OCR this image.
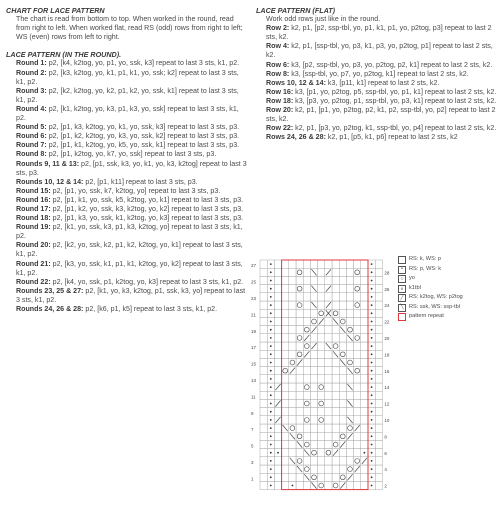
CHART FOR LACE PATTERN

The chart is read from bottom to top. When worked in the round, read from right to left. When worked flat, read RS (odd) rows from right to left; WS (even) rows from left to right.

LACE PATTERN (IN THE ROUND).

Round 1: p2, [k4, k2tog, yo, p1, yo, ssk, k3] repeat to last 3 sts, k1, p2.

Round 2: p2, [k3, k2tog, yo, k1, p1, k1, yo, ssk; k2] repeat to last 3 sts, k1, p2.

Round 3: p2, [k2, k2tog, yo, k2, p1, k2, yo, ssk, k1] repeat to last 3 sts, k1, p2.

Round 4: p2, [k1, k2tog, yo, k3, p1, k3, yo, ssk] repeat to last 3 sts, k1, p2.

Round 5: p2, [p1, k3, k2tog, yo, k1, yo, ssk, k3] repeat to last 3 sts, p3.

Round 6: p2, [p1, k2, k2tog, yo, k3, yo, ssk, k2] repeat to last 3 sts, p3.

Round 7: p2, [p1, k1, k2tog, yo, k5, yo, ssk, k1] repeat to last 3 sts, p3.

Round 8: p2, [p1, k2tog, yo, k7, yo, ssk] repeat to last 3 sts, p3.

Rounds 9, 11 & 13: p2, [p1, ssk, k3, yo, k1, yo, k3, k2tog] repeat to last 3 sts, p3.

Rounds 10, 12 & 14: p2, [p1, k11] repeat to last 3 sts, p3.

Round 15: p2, [p1, yo, ssk, k7, k2tog, yo] repeat to last 3 sts, p3.

Round 16: p2, [p1, k1, yo, ssk, k5, k2tog, yo, k1] repeat to last 3 sts, p3.

Round 17: p2, [p1, k2, yo, ssk, k3, k2tog, yo, k2] repeat to last 3 sts, p3.

Round 18: p2, [p1, k3, yo, ssk, k1, k2tog, yo, k3] repeat to last 3 sts, p3.

Round 19: p2, [k1, yo, ssk, k3, p1, k3, k2tog, yo] repeat to last 3 sts, k1, p2.

Round 20: p2, [k2, yo, ssk, k2, p1, k2, k2tog, yo, k1] repeat to last 3 sts, k1, p2.

Round 21: p2, [k3, yo, ssk, k1, p1, k1, k2tog, yo, k2] repeat to last 3 sts, k1, p2.

Round 22: p2, [k4, yo, ssk, p1, k2tog, yo, k3] repeat to last 3 sts, k1, p2.

Rounds 23, 25 & 27: p2, [k1, yo, k3, k2tog, p1, ssk, k3, yo] repeat to last 3 sts, k1, p2.

Rounds 24, 26 & 28: p2, [k6, p1, k5] repeat to last 3 sts, k1, p2.

LACE PATTERN (FLAT)

Work odd rows just like in the round.

Row 2: k2, p1, [p2, ssp-tbl, yo, p1, k1, p1, yo, p2tog, p3] repeat to last 2 sts, k2.

Row 4: k2, p1, [ssp-tbl, yo, p3, k1, p3, yo, p2tog, p1] repeat to last 2 sts, k2.

Row 6: k3, [p2, ssp-tbl, yo, p3, yo, p2tog, p2, k1] repeat to last 2 sts, k2.

Row 8: k3, [ssp-tbl, yo, p7, yo, p2tog, k1] repeat to last 2 sts, k2.

Rows 10, 12 & 14: k3, [p11, k1] repeat to last 2 sts, k2.

Row 16: k3, [p1, yo, p2tog, p5, ssp-tbl, yo, p1, k1] repeat to last 2 sts, k2.

Row 18: k3, [p3, yo, p2tog, p1, ssp-tbl, yo, p3, k1] repeat to last 2 sts, k2.

Row 20: k2, p1, [p1, yo, p2tog, p2, k1, p2, ssp-tbl, yo, p2] repeat to last 2 sts, k2.

Row 22: k2, p1, [p3, yo, p2tog, k1, ssp-tbl, yo, p4] repeat to last 2 sts, k2.

Rows 24, 26 & 28: k2, p1, [p5, k1, p6] repeat to last 2 sts, k2

27
25
23
21
19
17
15
13
11
9
7
5
3
1
28
26
24
22
20
18
16
14
12
10
8
6
4
2
RS: k, WS: p
•	RS: p, WS: k
○ yo
ᵩ	k1tbl
╱ RS: k2tog, WS: p2tog
╲ RS: ssk, WS: ssp-tbl
pattern repeat
